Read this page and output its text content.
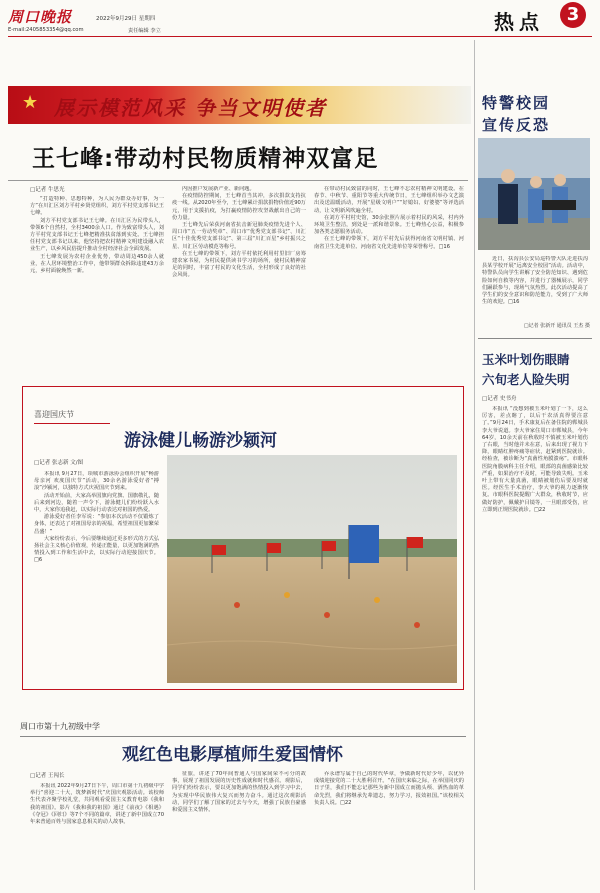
周口晚报	2022年9月29日 星期四
E-mail:2405853354@qq.com	责任编辑 李立	热点	3
★ 展示模范风采 争当文明使者
王七峰:带动村民物质精神双富足
□记者 牛思光

“打造特种、思想特种，为人民为群众办好事，为一方”在川汇区刘方平村乡贤党组织，刘方平村党支部书记王七峰。

刘方平村党支部书记王七峰。在川汇区为民带头人，带领6个自然村，全村3400余人口。作为致富带头人，刘方平村党支部书记王七峰把精准扶贫落到实处。王七峰担任村党支部书记以来，他坚持把农村精神文明建设融入农业生产，以乡风民俗提升推动全村经济社会全面发展。

王七峰发展为农村企业优势，带动周边450余人就业，在人居环境整治工作中，他带领群众拆除违建43万余元，乡村面貌焕然一新。

内因推户发展新产业、新问题。

在疫情防控期间，王七峰首当其冲，多次捐款支持抗疫一线。从2020年至今，王七峰累计捐款捐物价值近90万元，用于支援抗疫，为打赢疫情防控攻坚战献出自己的一份力量。

王七峰先后荣获河南省抗击新冠肺炎疫情先进个人、周口市“五一劳动奖章”、周口市“优秀党支部书记”、川汇区“十佳优秀党支部书记”、第三届“川汇百星”乡村振兴之星、川汇区劳动模范等称号。

在王七峰的带领下，刘方平村依托利用村里旧厂房筹建农家书屋，为村民提供读书学习的场所，使村民精神富足的同时，丰富了村民的文化生活，全村形成了良好的社会风尚。

在带动村民致富的同时，王七峰不忘农村精神文明建设。在春节、中秋节、重阳节等重大传统节日，王七峰组织举办文艺演出及送温暖活动，开展“星级文明户”“好媳妇、好婆婆”等评选活动，让文明新风吹遍全村。

在刘方平村村史馆，30余张照片展示着村民的风采，村内外环境卫生整洁，到处是一派和谐景象。王七峰热心公益，积极参加各类志愿服务活动。

在王七峰的带领下，刘方平村先后获得河南省文明村镇、河南省卫生先进单位、河南省文化先进单位等荣誉称号。□16

喜迎国庆节
游泳健儿畅游沙颍河
□记者 张志新 文/图

本报讯 9月27日，项城市游泳协会组织开展“畅游母亲河 欢度国庆节”活动，30余名游泳爱好者“搏浪”沙颍河，以独特方式庆祝国庆节到来。

活动开始前，大家高举国旗向党旗、国旗敬礼，随后来到河边，随着一声令下，游泳健儿们纷纷跃入水中，大家你追我赶，以实际行动表达对祖国的热爱。

游泳爱好者任李军说：“参加本次活动不仅锻炼了身体，还表达了对祖国母亲的祝福，希望祖国更加繁荣昌盛！”

大家纷纷表示，今后要继续通过更多形式的方式弘扬社会主义核心价值观，传递正能量，以更加饱满的热情投入到工作和生活中去，以实际行动迎接国庆节。□6

周口市第十九初级中学
观红色电影厚植师生爱国情怀
□记者 王闯长

本报讯 2022年9月27日下午，周口市第十九初级中学举行“喜迎二十大，筑梦新时代”庆国庆观影活动。该校师生代表齐聚学校礼堂，共同观看爱国主义教育电影《我和我的祖国》。影片《我和我的祖国》通过《前夜》《相遇》《夺冠》《回归》等7个不同的篇章，讲述了新中国成立70年来普通百姓与国家息息相关的动人故事。

征旅，讲述了70年间普通人与国家间荣不可分的故事，展现了祖国发展的历史性成就和时代感召。观影后，同学们纷纷表示，要以更加饱满的热情投入到学习中去，为实现中华民族伟大复兴而努力奋斗。通过这次观影活动，同学们了解了国家的过去与今天，增强了民族自豪感和爱国主义情怀。

乔永谱写属于自己的时代华章，争做新时代好少年，以优异成绩迎接党的二十大胜利召开。“在国庆来临之际，在举国同庆的日子里，我们不能忘记那些为新中国成立而抛头颅、洒热血的革命先烈，我们将继承先辈遗志，努力学习，报效祖国。”该校相关负责人说。□22

特警校园
宣传反恐

近日，扶沟县公安局巡特警大队走进扶沟县某学校开展“远离安全校园”活动。活动中，特警队员向学生讲解了安全防范知识、遇到危险如何自救等内容，并进行了器械展示，同学们踊跃参与，现场气氛热烈。此次活动提高了学生们的安全意识和防范能力，受到了广大师生的欢迎。□16

□记者 张新开 通讯员 王杰 摄
玉米叶划伤眼睛
六旬老人险失明
□记者 史书舟

本报讯 “没想到被玉米叶划了一下，这么厉害，差点瞎了，以后干农活真得要注意了。”9月24日，手术康复后在备住院的郸城县李大爷说道。李大爷家住周口市郸城县，今年64岁，10余天前在秋收时不慎被玉米叶划伤了右眼，当时他并未在意，后来出现了视力下降，眼睛红肿疼痛等症状，赶紧到医院就诊。经检查，被诊断为“真菌性角膜溃疡”。市眼科医院角膜病科主任介绍，眼部的真菌感染比较严重，如果治疗不及时，可能导致失明。玉米叶上带有大量真菌，眼睛被划伤后要及时就医。经医生手术治疗，李大爷的视力逐渐恢复。市眼科医院提醒广大群众，秋收时节，应做好防护，佩戴护目镜等，一旦眼部受伤，应立即到正规医院就诊。□22
